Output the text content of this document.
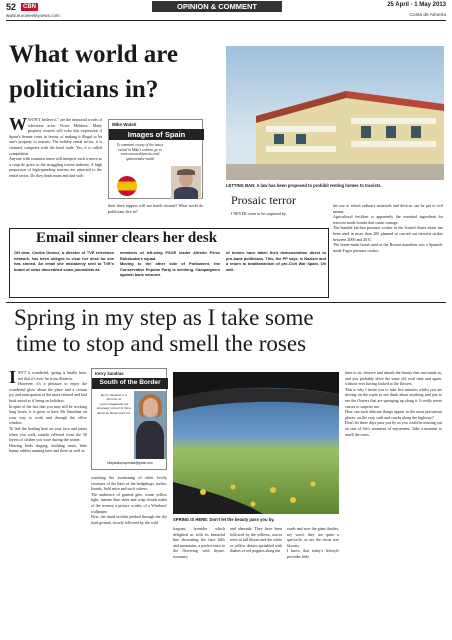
52	CBN	OPINION & COMMENT	25 April - 1 May 2013
www.euroweeklynews.com	Costa de Almeria
What world are
politicians in?
W WON'T believe it," are the immortal words of television actor Victor Meldrew. Many property owners will echo this expression if Spain's Senate votes in favour of making it illegal to let one's property to tourists. The holiday rental sector, it is claimed, competes with the hotel trade. Yes, it is called competition.
Anyone with common sense will interpret such a move as a coup de grace to the struggling tourist industry. A high proportion of high-spending tourists are attracted to the rental sector. Do they think mum and dad with
Mike Walsh
Images of Spain
To comment on any of the issues raised in Mike's column, go to www.euroweeklynews.com/ opinion/mike-walsh
their three nippers will use hotels instead? What world do politicians live in?
LETTING BAN: A law has been proposed to prohibit renting homes to tourists.
Prosaic terror
I NEVER cease to be surprised by
the use to which ordinary materials and devices can be put to evil means.
Agricultural fertiliser is apparently the essential ingredient for terrorist-made bombs that cause carnage.
The humble kitchen pressure cooker in the United States alone has been used in more than 200 planned or carried out terrorist strikes between 2000 and 2011.
The home-made bomb used at the Boston marathon was a Spanish-made Fagor pressure cooker.
Email sinner clears her desk
OH dear, Cecilia Gomez, a director of TVE television network, has been obliged to clear her desk for she has sinned. An email she mistakenly sent to TVE's board of news discredited some journalists as
members of left-wing PSOE leader Alfredo Perez Rubalcaba's squad.
Moving to the other side of Parliament, the Conservative Popular Party is seething. Campaigners against bank seizures
of homes have taken their demonstration direct to pro-bank politicians. This, the PP says, is Nazism and a return to totalitarianism of pre-Civil War Spain. Oh well.
Spring in my step as I take some
time to stop and smell the roses
I SN'T it wonderful, spring is finally here, not that it's ever far from Almeria.
However, it's a pleasure to enjoy the wonderful glow about the place and a certain joy and anticipation of the more relaxed and laid back mood as if being on holidays.
In spite of the fact that you may still be working long hours, it is great to have Mr Sunshine on your way to work and through the office window.
To feel the healing heat on your face and joints when you walk outside relieved from the 50 layers of clothes you wore during the winter.
Hearing birds singing, building nests, little bunny rabbits running here and there as well as
Kerry Sandras
South of the Border
Kerry Sandras is a director at www.casagalatis.net language school in Vera, Almeria. Read more on:
ellaparalapropiedad@gmail.com
SPRING IS HERE: Don't let the beauty pass you by.
watching the awakening of other lovely creatures of the likes of the hedgehogs, turtles, lizards, field mice and such critters.
The ambience of general glee, warm yellow light, intense blue skies and crisp clouds make of the scenery a picture worthy of a Windows' wallpaper.
First, the timid orchids peeked through the dry hard ground, closely followed by the wild
fragrant lavender which delighted us with its beautiful hue decorating the bare hills and mountains, a perfect intro to the flowering wild thyme, rosemary
and almonds. They have been followed by the yellows, acacia trees in full bloom and the white or yellow daisies sprinkled with dashes of red poppies along the
roads and now the giant thistles, my word, they are quite a spectacle, as are the citrus tree blooms.
I know that today's lifestyle provides little
time to sit, observe and absorb the beauty that surrounds us, and you probably drive the same old road time and again, without ever having looked at the flowers.
This is why I invite you to take five minutes whilst you are driving on the roads to not think about anything and just to see the flowers that are springing up along it. It really never ceases to surprise me.
How can such delicate things appear in the most precarious places: on the very curb and cracks along the highway?
Don't let these days pass you by as you could be missing out on one of life's moments of enjoyment. Take a moment to smell the roses.
